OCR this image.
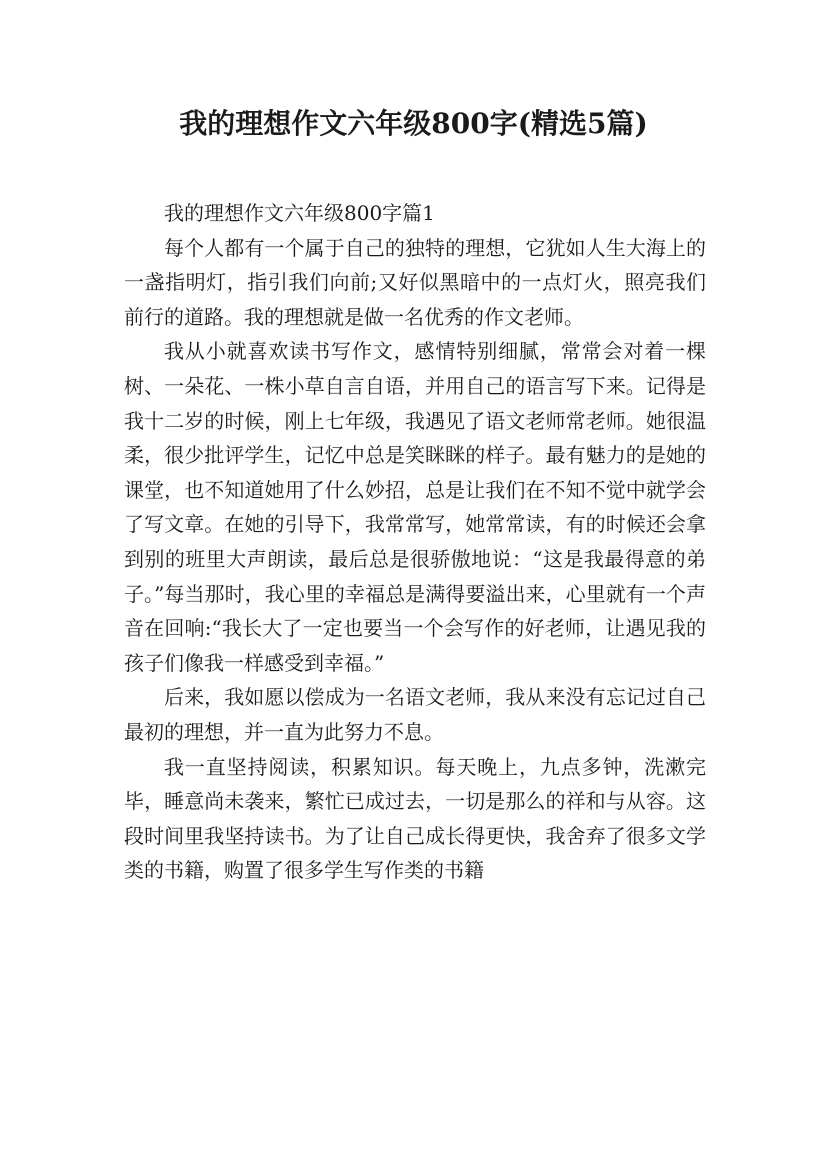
我的理想作文六年级800字(精选5篇)

我的理想作文六年级800字篇1

每个人都有一个属于自己的独特的理想，它犹如人生大海上的一盏指明灯，指引我们向前;又好似黑暗中的一点灯火，照亮我们前行的道路。我的理想就是做一名优秀的作文老师。

我从小就喜欢读书写作文，感情特别细腻，常常会对着一棵树、一朵花、一株小草自言自语，并用自己的语言写下来。记得是我十二岁的时候，刚上七年级，我遇见了语文老师常老师。她很温柔，很少批评学生，记忆中总是笑眯眯的样子。最有魅力的是她的课堂，也不知道她用了什么妙招，总是让我们在不知不觉中就学会了写文章。在她的引导下，我常常写，她常常读，有的时候还会拿到别的班里大声朗读，最后总是很骄傲地说：“这是我最得意的弟子。”每当那时，我心里的幸福总是满得要溢出来，心里就有一个声音在回响:“我长大了一定也要当一个会写作的好老师，让遇见我的孩子们像我一样感受到幸福。”

后来，我如愿以偿成为一名语文老师，我从来没有忘记过自己最初的理想，并一直为此努力不息。

我一直坚持阅读，积累知识。每天晚上，九点多钟，洗漱完毕，睡意尚未袭来，繁忙已成过去，一切是那么的祥和与从容。这段时间里我坚持读书。为了让自己成长得更快，我舍弃了很多文学类的书籍，购置了很多学生写作类的书籍
